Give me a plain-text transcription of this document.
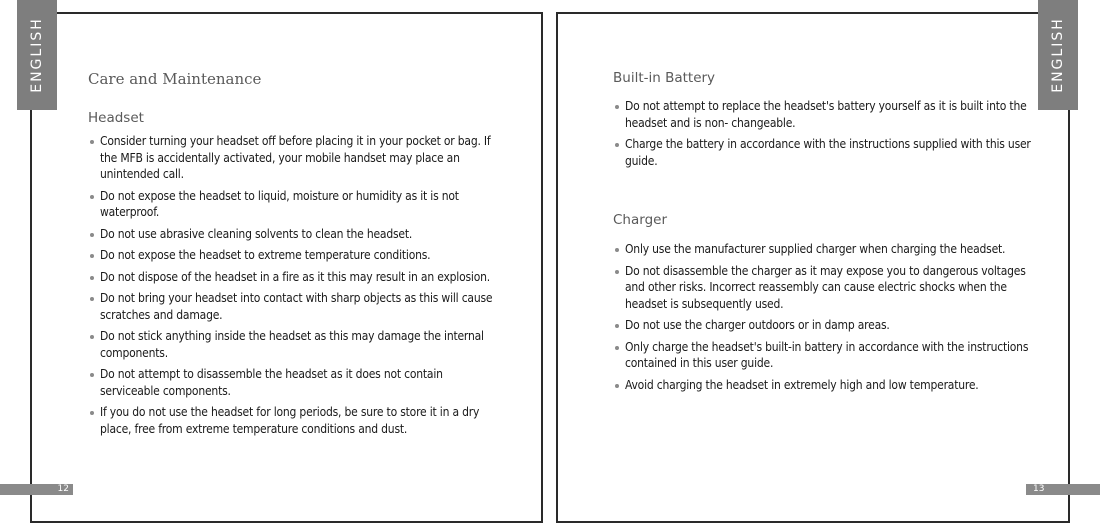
ENGLISH	ENGLISH
Care and Maintenance
Headset
Consider turning your headset off before placing it in your pocket or bag. If the MFB is accidentally activated, your mobile handset may place an unintended call.
Do not expose the headset to liquid, moisture or humidity as it is not waterproof.
Do not use abrasive cleaning solvents to clean the headset.
Do not expose the headset to extreme temperature conditions.
Do not dispose of the headset in a fire as it this may result in an explosion.
Do not bring your headset into contact with sharp objects as this will cause scratches and damage.
Do not stick anything inside the headset as this may damage the internal components.
Do not attempt to disassemble the headset as it does not contain serviceable components.
If you do not use the headset for long periods, be sure to store it in a dry place, free from extreme temperature conditions and dust.
Built-in Battery
Do not attempt to replace the headset's battery yourself as it is built into the headset and is non- changeable.
Charge the battery in accordance with the instructions supplied with this user guide.
Charger
Only use the manufacturer supplied charger when charging the headset.
Do not disassemble the charger as it may expose you to dangerous voltages and other risks. Incorrect reassembly can cause electric shocks when the headset is subsequently used.
Do not use the charger outdoors or in damp areas.
Only charge the headset's built-in battery in accordance with the instructions contained in this user guide.
Avoid charging the headset in extremely high and low temperature.
12	13
